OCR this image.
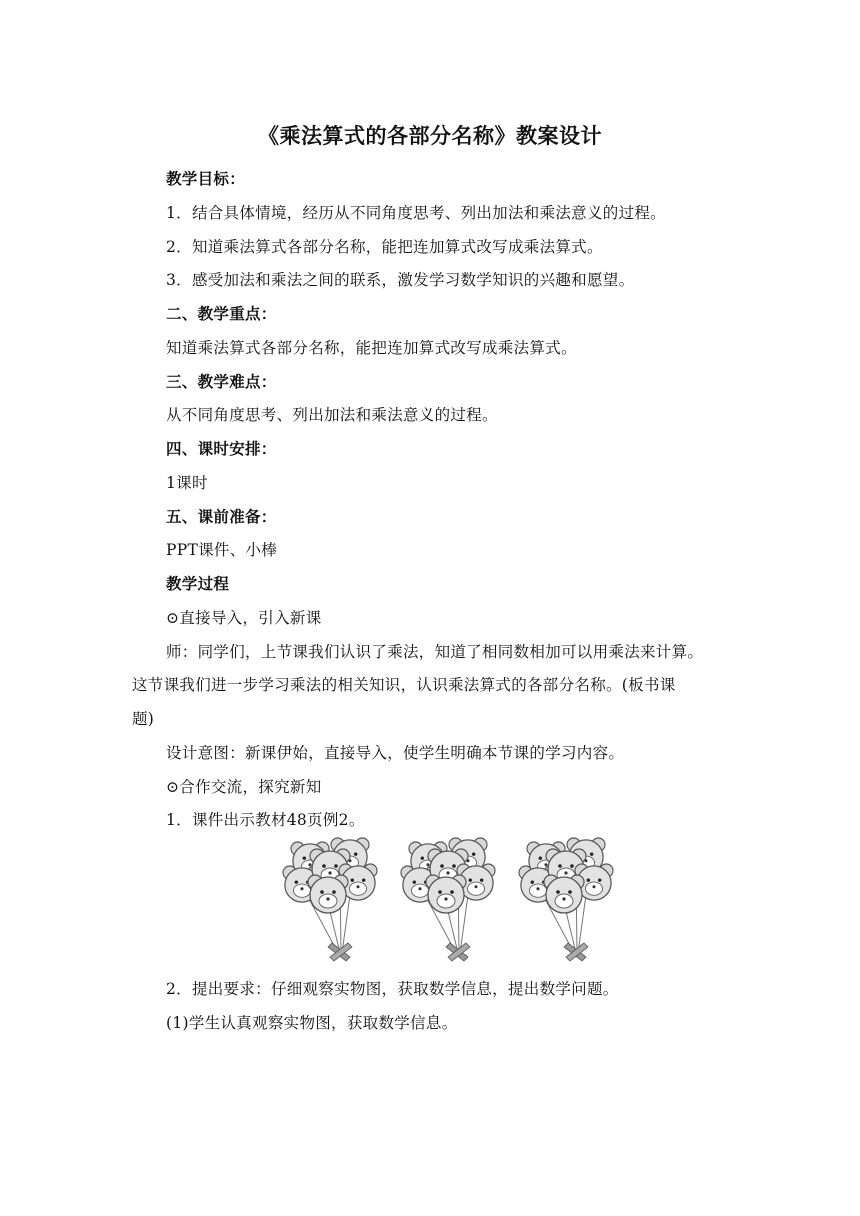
《乘法算式的各部分名称》教案设计
教学目标：
1．结合具体情境，经历从不同角度思考、列出加法和乘法意义的过程。
2．知道乘法算式各部分名称，能把连加算式改写成乘法算式。
3．感受加法和乘法之间的联系，激发学习数学知识的兴趣和愿望。
二、教学重点：
知道乘法算式各部分名称，能把连加算式改写成乘法算式。
三、教学难点：
从不同角度思考、列出加法和乘法意义的过程。
四、课时安排：
1课时
五、课前准备：
PPT课件、小棒
教学过程
⊙直接导入，引入新课
师：同学们，上节课我们认识了乘法，知道了相同数相加可以用乘法来计算。
这节课我们进一步学习乘法的相关知识，认识乘法算式的各部分名称。(板书课
题)
设计意图：新课伊始，直接导入，使学生明确本节课的学习内容。
⊙合作交流，探究新知
1．课件出示教材48页例2。
2．提出要求：仔细观察实物图，获取数学信息，提出数学问题。
(1)学生认真观察实物图，获取数学信息。
